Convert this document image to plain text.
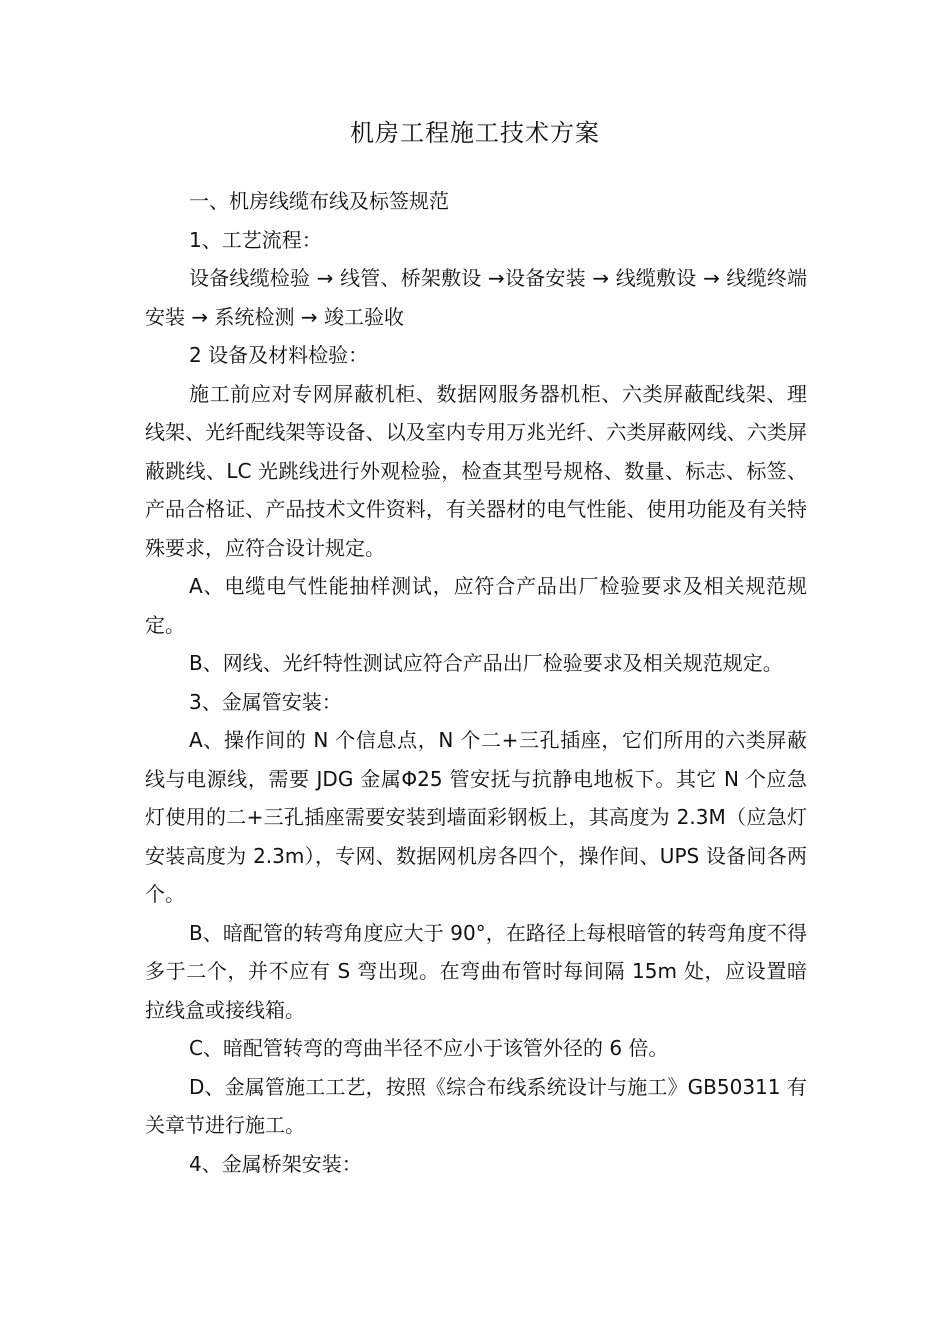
机房工程施工技术方案

一、机房线缆布线及标签规范

1、工艺流程：

设备线缆检验 → 线管、桥架敷设 →设备安装 → 线缆敷设 → 线缆终端安装 → 系统检测 → 竣工验收

2 设备及材料检验：

施工前应对专网屏蔽机柜、数据网服务器机柜、六类屏蔽配线架、理线架、光纤配线架等设备、以及室内专用万兆光纤、六类屏蔽网线、六类屏蔽跳线、LC 光跳线进行外观检验，检查其型号规格、数量、标志、标签、产品合格证、产品技术文件资料，有关器材的电气性能、使用功能及有关特殊要求，应符合设计规定。

A、电缆电气性能抽样测试，应符合产品出厂检验要求及相关规范规定。

B、网线、光纤特性测试应符合产品出厂检验要求及相关规范规定。

3、金属管安装：

A、操作间的 N 个信息点，N 个二+三孔插座，它们所用的六类屏蔽线与电源线，需要 JDG 金属Φ25 管安抚与抗静电地板下。其它 N 个应急灯使用的二+三孔插座需要安装到墙面彩钢板上，其高度为 2.3M（应急灯安装高度为 2.3m），专网、数据网机房各四个，操作间、UPS 设备间各两个。

B、暗配管的转弯角度应大于 90°，在路径上每根暗管的转弯角度不得多于二个，并不应有 S 弯出现。在弯曲布管时每间隔 15m 处，应设置暗拉线盒或接线箱。

C、暗配管转弯的弯曲半径不应小于该管外径的 6 倍。

D、金属管施工工艺，按照《综合布线系统设计与施工》GB50311 有关章节进行施工。

4、金属桥架安装：
